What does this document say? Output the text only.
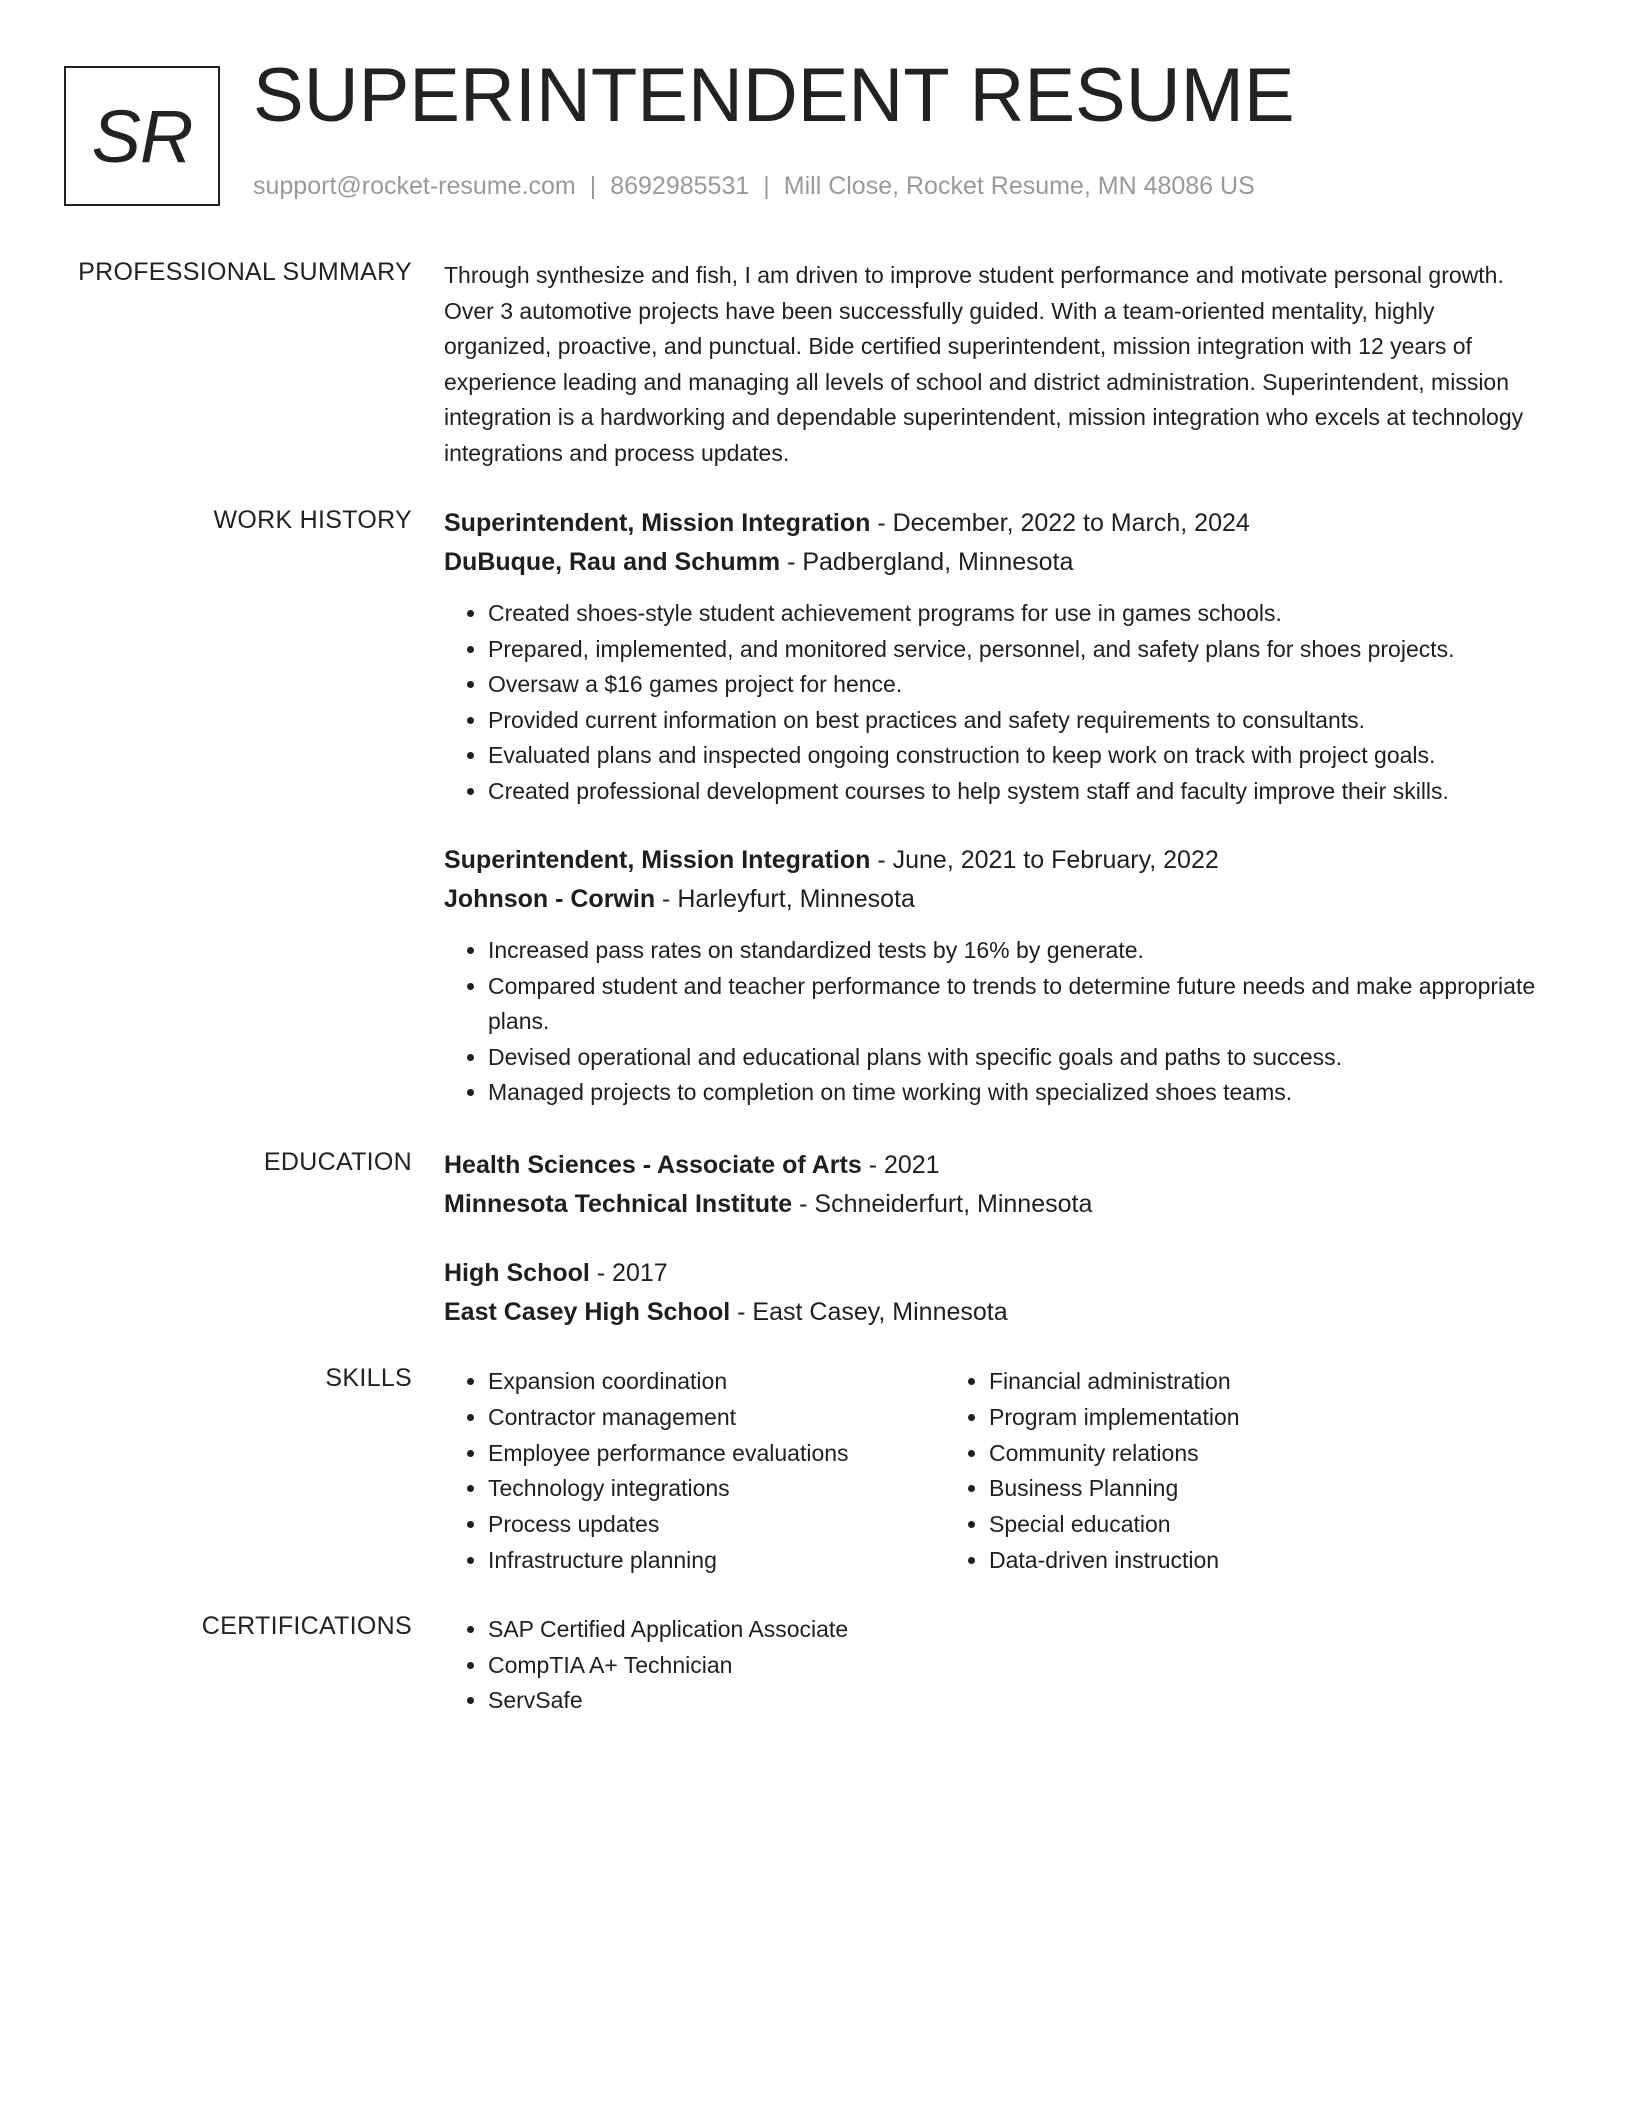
SR SUPERINTENDENT RESUME
support@rocket-resume.com | 8692985531 | Mill Close, Rocket Resume, MN 48086 US
PROFESSIONAL SUMMARY Through synthesize and fish, I am driven to improve student performance and motivate personal growth. Over 3 automotive projects have been successfully guided. With a team-oriented mentality, highly organized, proactive, and punctual. Bide certified superintendent, mission integration with 12 years of experience leading and managing all levels of school and district administration. Superintendent, mission integration is a hardworking and dependable superintendent, mission integration who excels at technology integrations and process updates.

WORK HISTORY Superintendent, Mission Integration - December, 2022 to March, 2024
DuBuque, Rau and Schumm - Padbergland, Minnesota
• Created shoes-style student achievement programs for use in games schools.
• Prepared, implemented, and monitored service, personnel, and safety plans for shoes projects.
• Oversaw a $16 games project for hence.
• Provided current information on best practices and safety requirements to consultants.
• Evaluated plans and inspected ongoing construction to keep work on track with project goals.
• Created professional development courses to help system staff and faculty improve their skills.
Superintendent, Mission Integration - June, 2021 to February, 2022
Johnson - Corwin - Harleyfurt, Minnesota
• Increased pass rates on standardized tests by 16% by generate.
• Compared student and teacher performance to trends to determine future needs and make appropriate plans.
• Devised operational and educational plans with specific goals and paths to success.
• Managed projects to completion on time working with specialized shoes teams.
EDUCATION Health Sciences - Associate of Arts - 2021
Minnesota Technical Institute - Schneiderfurt, Minnesota
High School - 2017
East Casey High School - East Casey, Minnesota
SKILLS	• Expansion coordination
• Contractor management
• Employee performance evaluations
• Technology integrations
• Process updates
• Infrastructure planning
• Financial administration
• Program implementation
• Community relations
• Business Planning
• Special education
• Data-driven instruction
CERTIFICATIONS	• SAP Certified Application Associate
• CompTIA A+ Technician
• ServSafe
